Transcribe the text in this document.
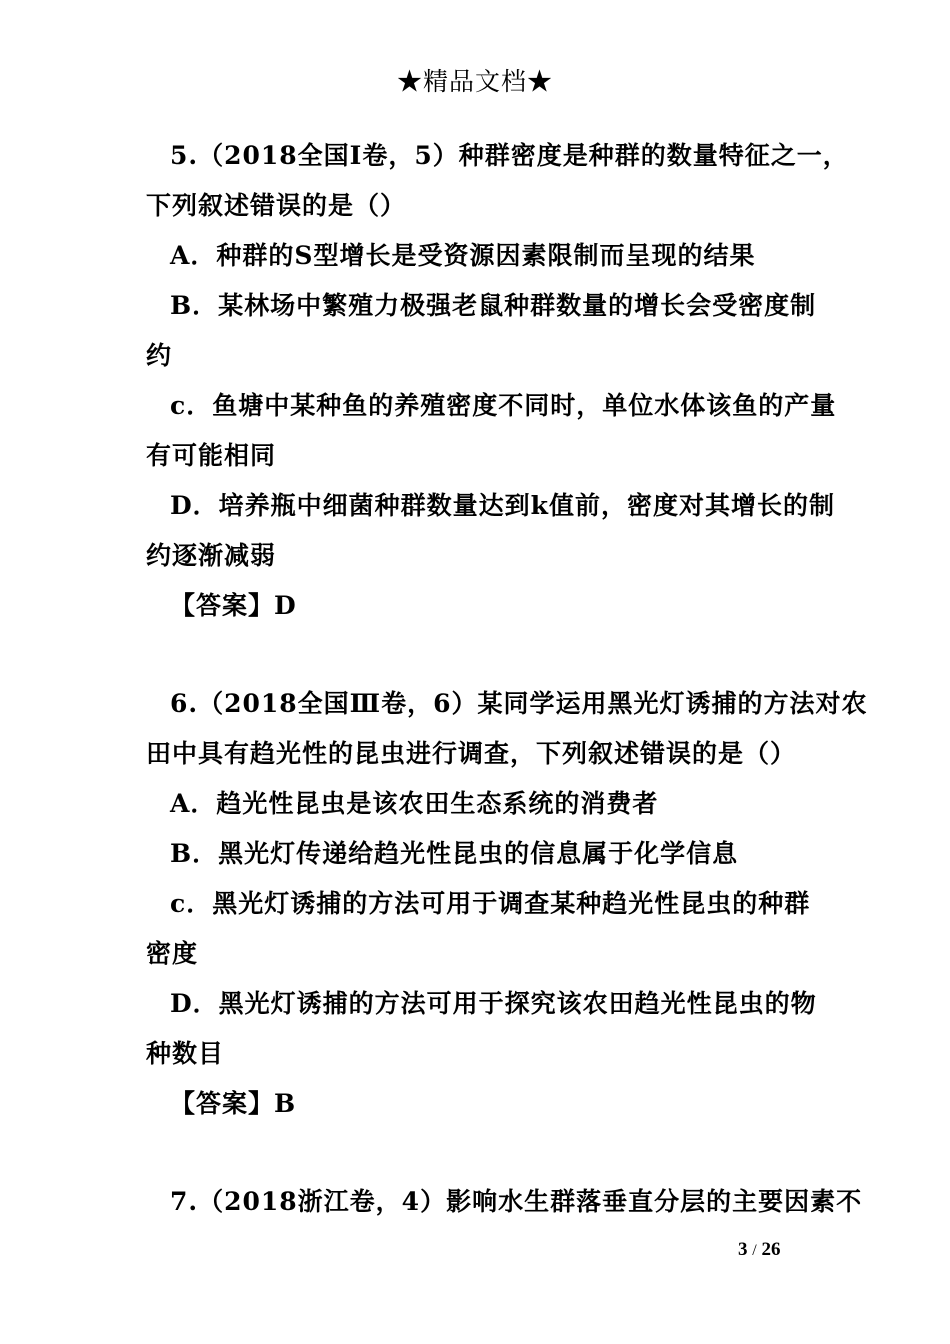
★精品文档★
5.（2018全国Ⅰ卷，5）种群密度是种群的数量特征之一，
下列叙述错误的是（）
A．种群的S型增长是受资源因素限制而呈现的结果
B．某林场中繁殖力极强老鼠种群数量的增长会受密度制
约
c．鱼塘中某种鱼的养殖密度不同时，单位水体该鱼的产量
有可能相同
D．培养瓶中细菌种群数量达到k值前，密度对其增长的制
约逐渐减弱
【答案】D
6.（2018全国Ⅲ卷，6）某同学运用黑光灯诱捕的方法对农
田中具有趋光性的昆虫进行调查，下列叙述错误的是（）
A．趋光性昆虫是该农田生态系统的消费者
B．黑光灯传递给趋光性昆虫的信息属于化学信息
c．黑光灯诱捕的方法可用于调查某种趋光性昆虫的种群
密度
D．黑光灯诱捕的方法可用于探究该农田趋光性昆虫的物
种数目
【答案】B
7.（2018浙江卷，4）影响水生群落垂直分层的主要因素不
3 / 26
